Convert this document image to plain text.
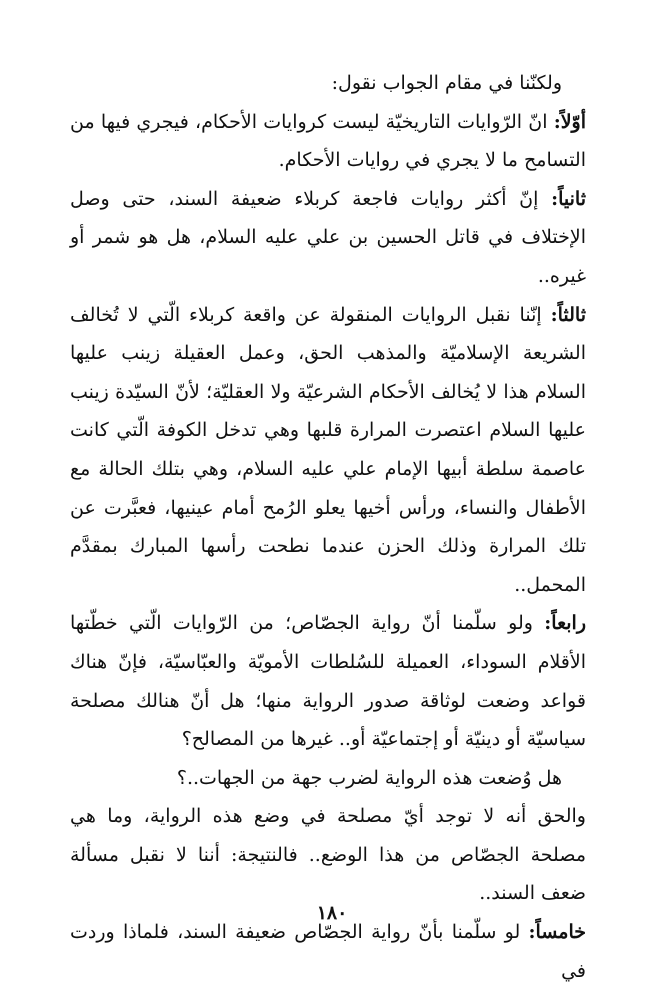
ولكنّنا في مقام الجواب نقول:

أوّلاً: انّ الرّوايات التاريخيّة ليست كروايات الأحكام، فيجري فيها من التسامح ما لا يجري في روايات الأحكام.

ثانياً: إنّ أكثر روايات فاجعة كربلاء ضعيفة السند، حتى وصل الإختلاف في قاتل الحسين بن علي عليه السلام، هل هو شمر أو غيره..

ثالثاً: إنّنا نقبل الروايات المنقولة عن واقعة كربلاء الّتي لا تُخالف الشريعة الإسلاميّة والمذهب الحق، وعمل العقيلة زينب عليها السلام هذا لا يُخالف الأحكام الشرعيّة ولا العقليّة؛ لأنّ السيّدة زينب عليها السلام اعتصرت المرارة قلبها وهي تدخل الكوفة الّتي كانت عاصمة سلطة أبيها الإمام علي عليه السلام، وهي بتلك الحالة مع الأطفال والنساء، ورأس أخيها يعلو الرُمح أمام عينيها، فعبَّرت عن تلك المرارة وذلك الحزن عندما نطحت رأسها المبارك بمقدَّم المحمل..

رابعاً: ولو سلّمنا أنّ رواية الجصّاص؛ من الرّوايات الّتي خطّتها الأقلام السوداء، العميلة للسُلطات الأمويّة والعبّاسيّة، فإنّ هناك قواعد وضعت لوثاقة صدور الرواية منها؛ هل أنّ هنالك مصلحة سياسيّة أو دينيّة أو إجتماعيّة أو.. غيرها من المصالح؟

هل وُضعت هذه الرواية لضرب جهة من الجهات..؟

والحق أنه لا توجد أيّ مصلحة في وضع هذه الرواية، وما هي مصلحة الجصّاص من هذا الوضع.. فالنتيجة: أننا لا نقبل مسألة ضعف السند..

خامساً: لو سلّمنا بأنّ رواية الجصّاص ضعيفة السند، فلماذا وردت في

١٨٠
